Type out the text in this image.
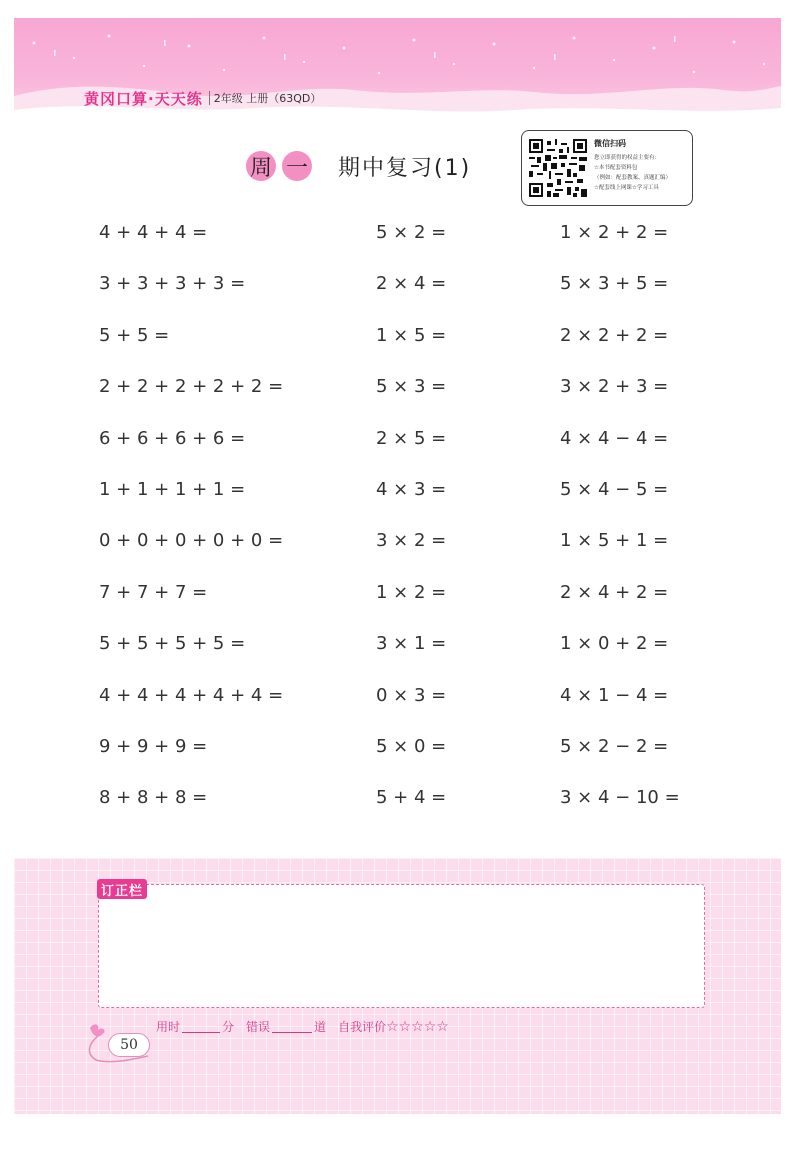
黄冈口算·天天练 2年级 上册（63QD）
周 一 期中复习(1)
微信扫码
您立即获得的权益主要有：
☆本书配套资料包
（例如：配套教案、真题汇编）
☆配套线上网课☆学习工具
4 + 4 + 4 =	5 × 2 =	1 × 2 + 2 =
3 + 3 + 3 + 3 =	2 × 4 =	5 × 3 + 5 =
5 + 5 =	1 × 5 =	2 × 2 + 2 =
2 + 2 + 2 + 2 + 2 =	5 × 3 =	3 × 2 + 3 =
6 + 6 + 6 + 6 =	2 × 5 =	4 × 4 − 4 =
1 + 1 + 1 + 1 =	4 × 3 =	5 × 4 − 5 =
0 + 0 + 0 + 0 + 0 =	3 × 2 =	1 × 5 + 1 =
7 + 7 + 7 =	1 × 2 =	2 × 4 + 2 =
5 + 5 + 5 + 5 =	3 × 1 =	1 × 0 + 2 =
4 + 4 + 4 + 4 + 4 =	0 × 3 =	4 × 1 − 4 =
9 + 9 + 9 =	5 × 0 =	5 × 2 − 2 =
8 + 8 + 8 =	5 + 4 =	3 × 4 − 10 =
订正栏
50
用时	分 错误	道 自我评价 ☆☆☆☆☆
